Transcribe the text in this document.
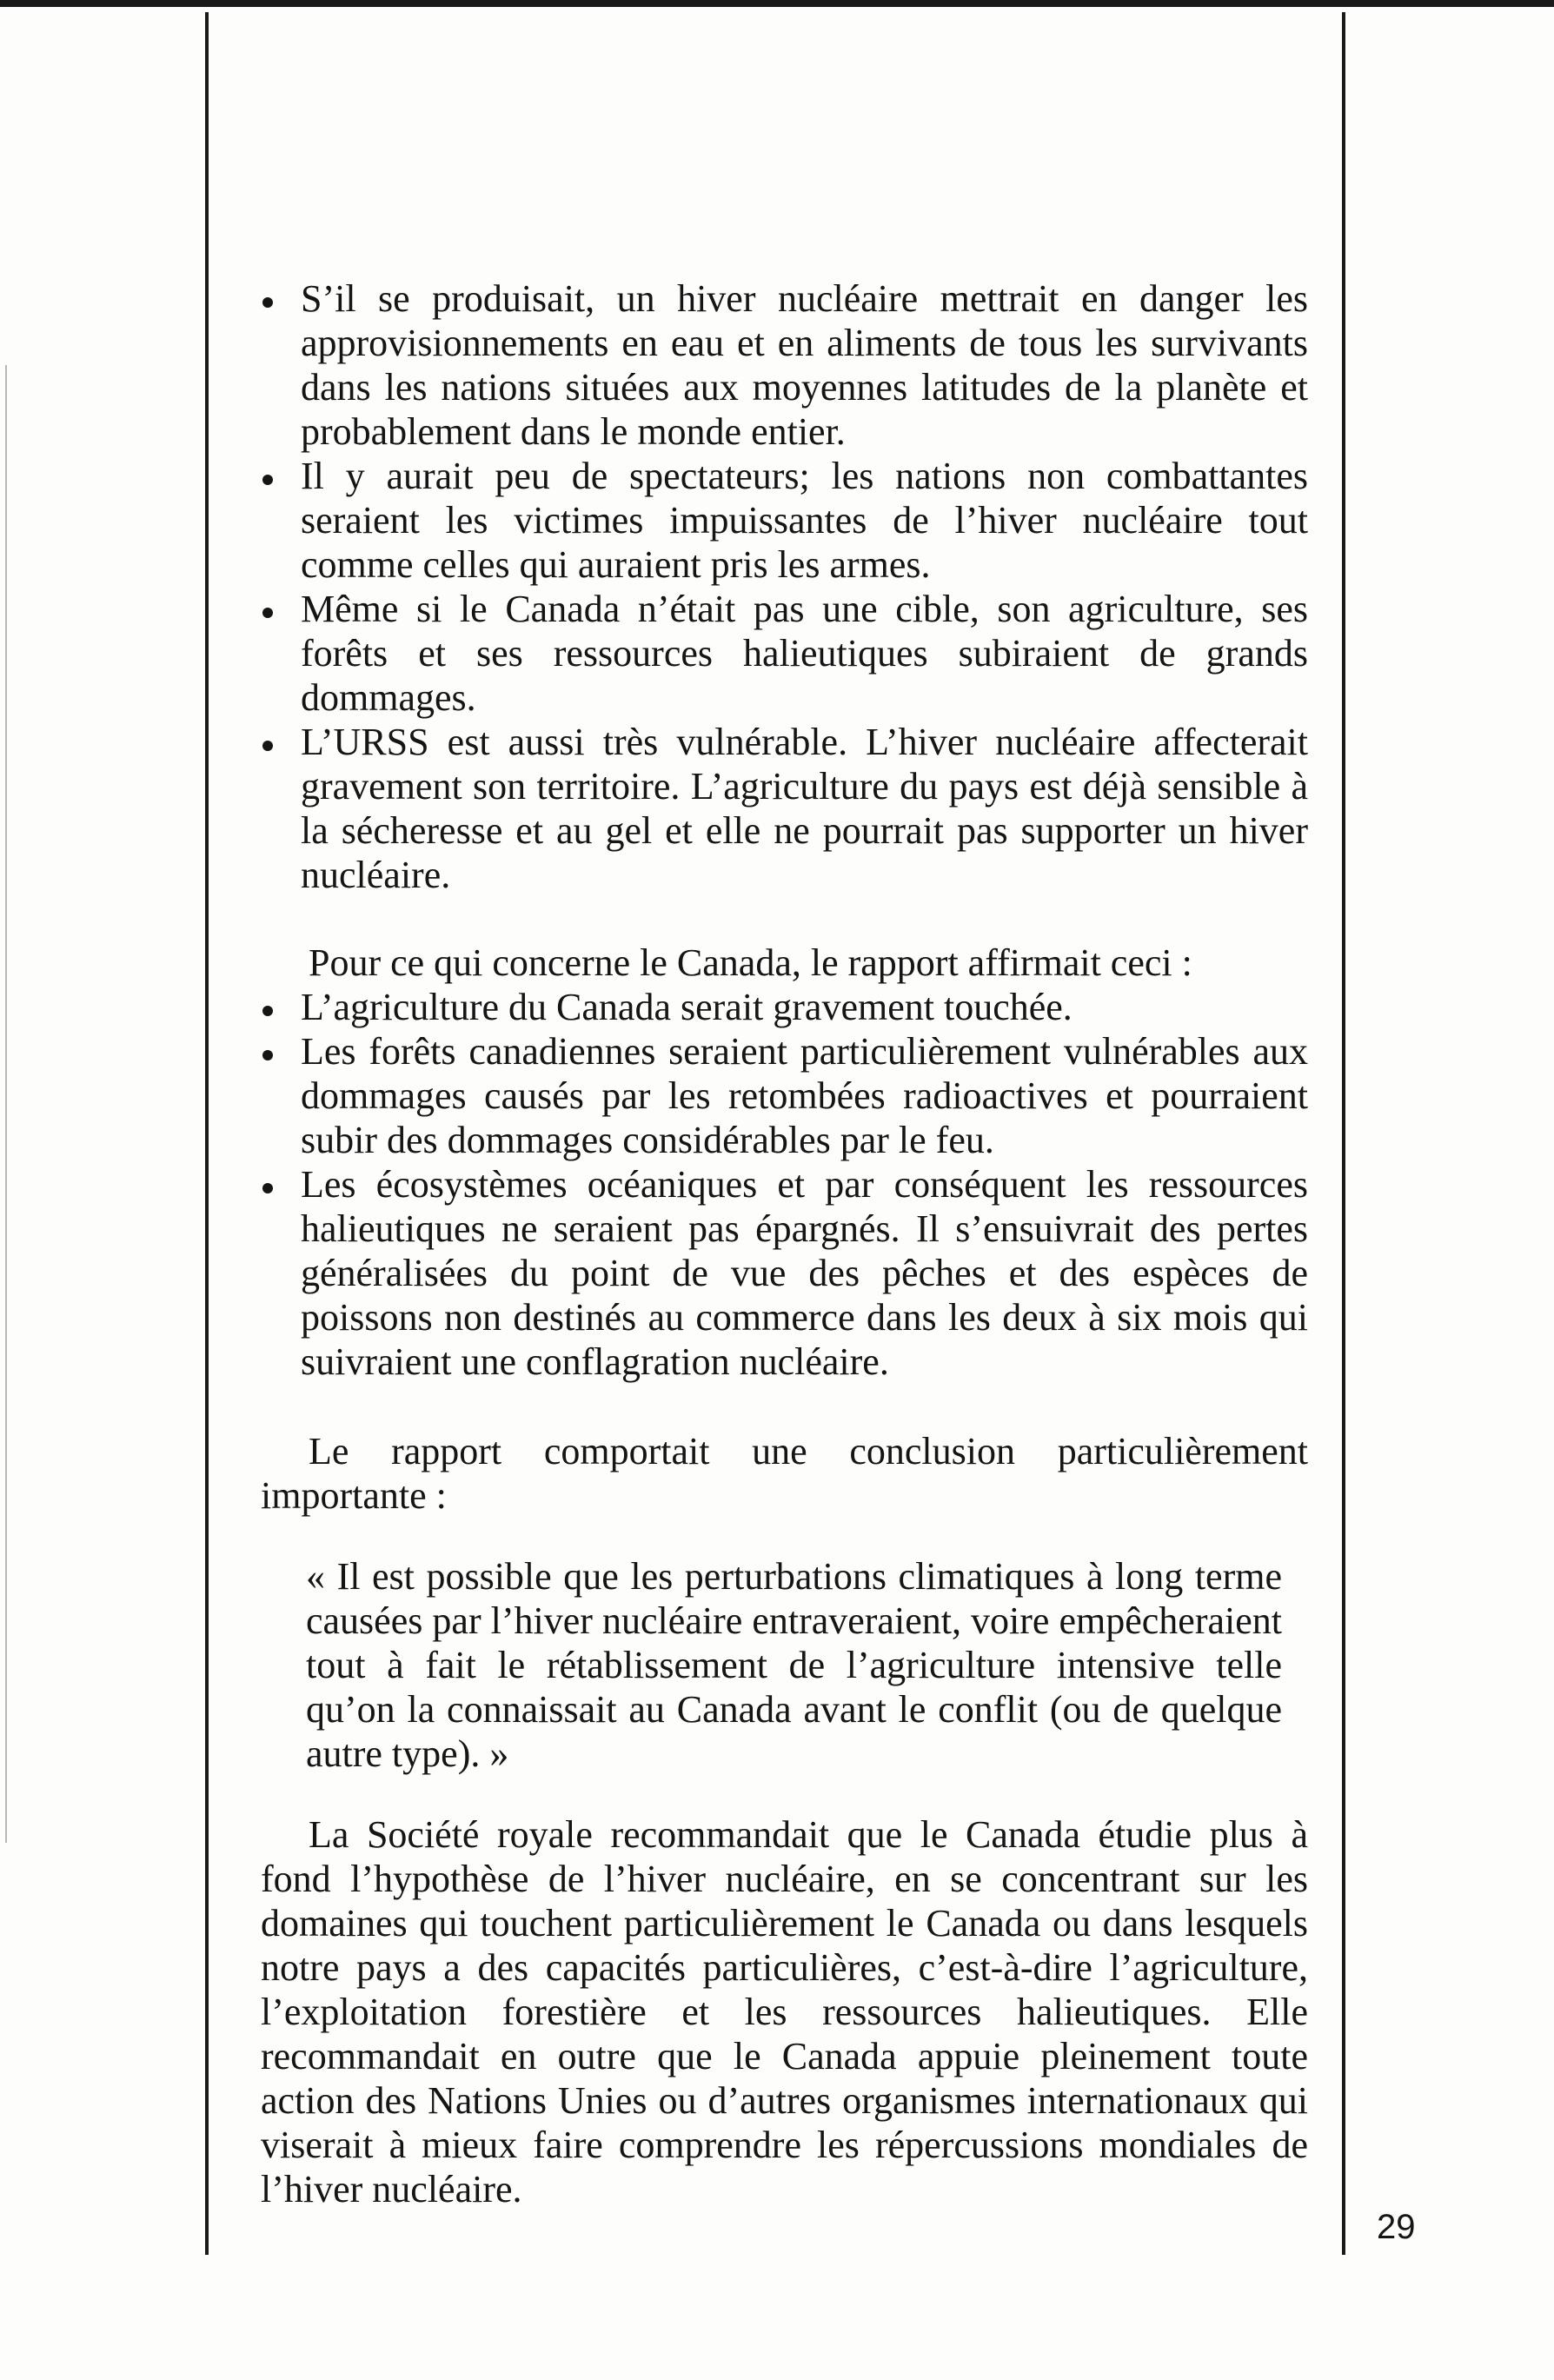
S’il se produisait, un hiver nucléaire mettrait en danger les approvisionnements en eau et en aliments de tous les survivants dans les nations situées aux moyennes latitudes de la planète et probablement dans le monde entier.
Il y aurait peu de spectateurs; les nations non combattantes seraient les victimes impuissantes de l’hiver nucléaire tout comme celles qui auraient pris les armes.
Même si le Canada n’était pas une cible, son agriculture, ses forêts et ses ressources halieutiques subiraient de grands dommages.
L’URSS est aussi très vulnérable. L’hiver nucléaire affecterait gravement son territoire. L’agriculture du pays est déjà sensible à la sécheresse et au gel et elle ne pourrait pas supporter un hiver nucléaire.

Pour ce qui concerne le Canada, le rapport affirmait ceci :

L’agriculture du Canada serait gravement touchée.
Les forêts canadiennes seraient particulièrement vulnérables aux dommages causés par les retombées radioactives et pourraient subir des dommages considérables par le feu.
Les écosystèmes océaniques et par conséquent les ressources halieutiques ne seraient pas épargnés. Il s’ensuivrait des pertes généralisées du point de vue des pêches et des espèces de poissons non destinés au commerce dans les deux à six mois qui suivraient une conflagration nucléaire.

Le rapport comportait une conclusion particulièrement importante :

« Il est possible que les perturbations climatiques à long terme causées par l’hiver nucléaire entraveraient, voire empêcheraient tout à fait le rétablissement de l’agriculture intensive telle qu’on la connaissait au Canada avant le conflit (ou de quelque autre type). »

La Société royale recommandait que le Canada étudie plus à fond l’hypothèse de l’hiver nucléaire, en se concentrant sur les domaines qui touchent particulièrement le Canada ou dans lesquels notre pays a des capacités particulières, c’est-à-dire l’agriculture, l’exploitation forestière et les ressources halieutiques. Elle recommandait en outre que le Canada appuie pleinement toute action des Nations Unies ou d’autres organismes internationaux qui viserait à mieux faire comprendre les répercussions mondiales de l’hiver nucléaire.

29
